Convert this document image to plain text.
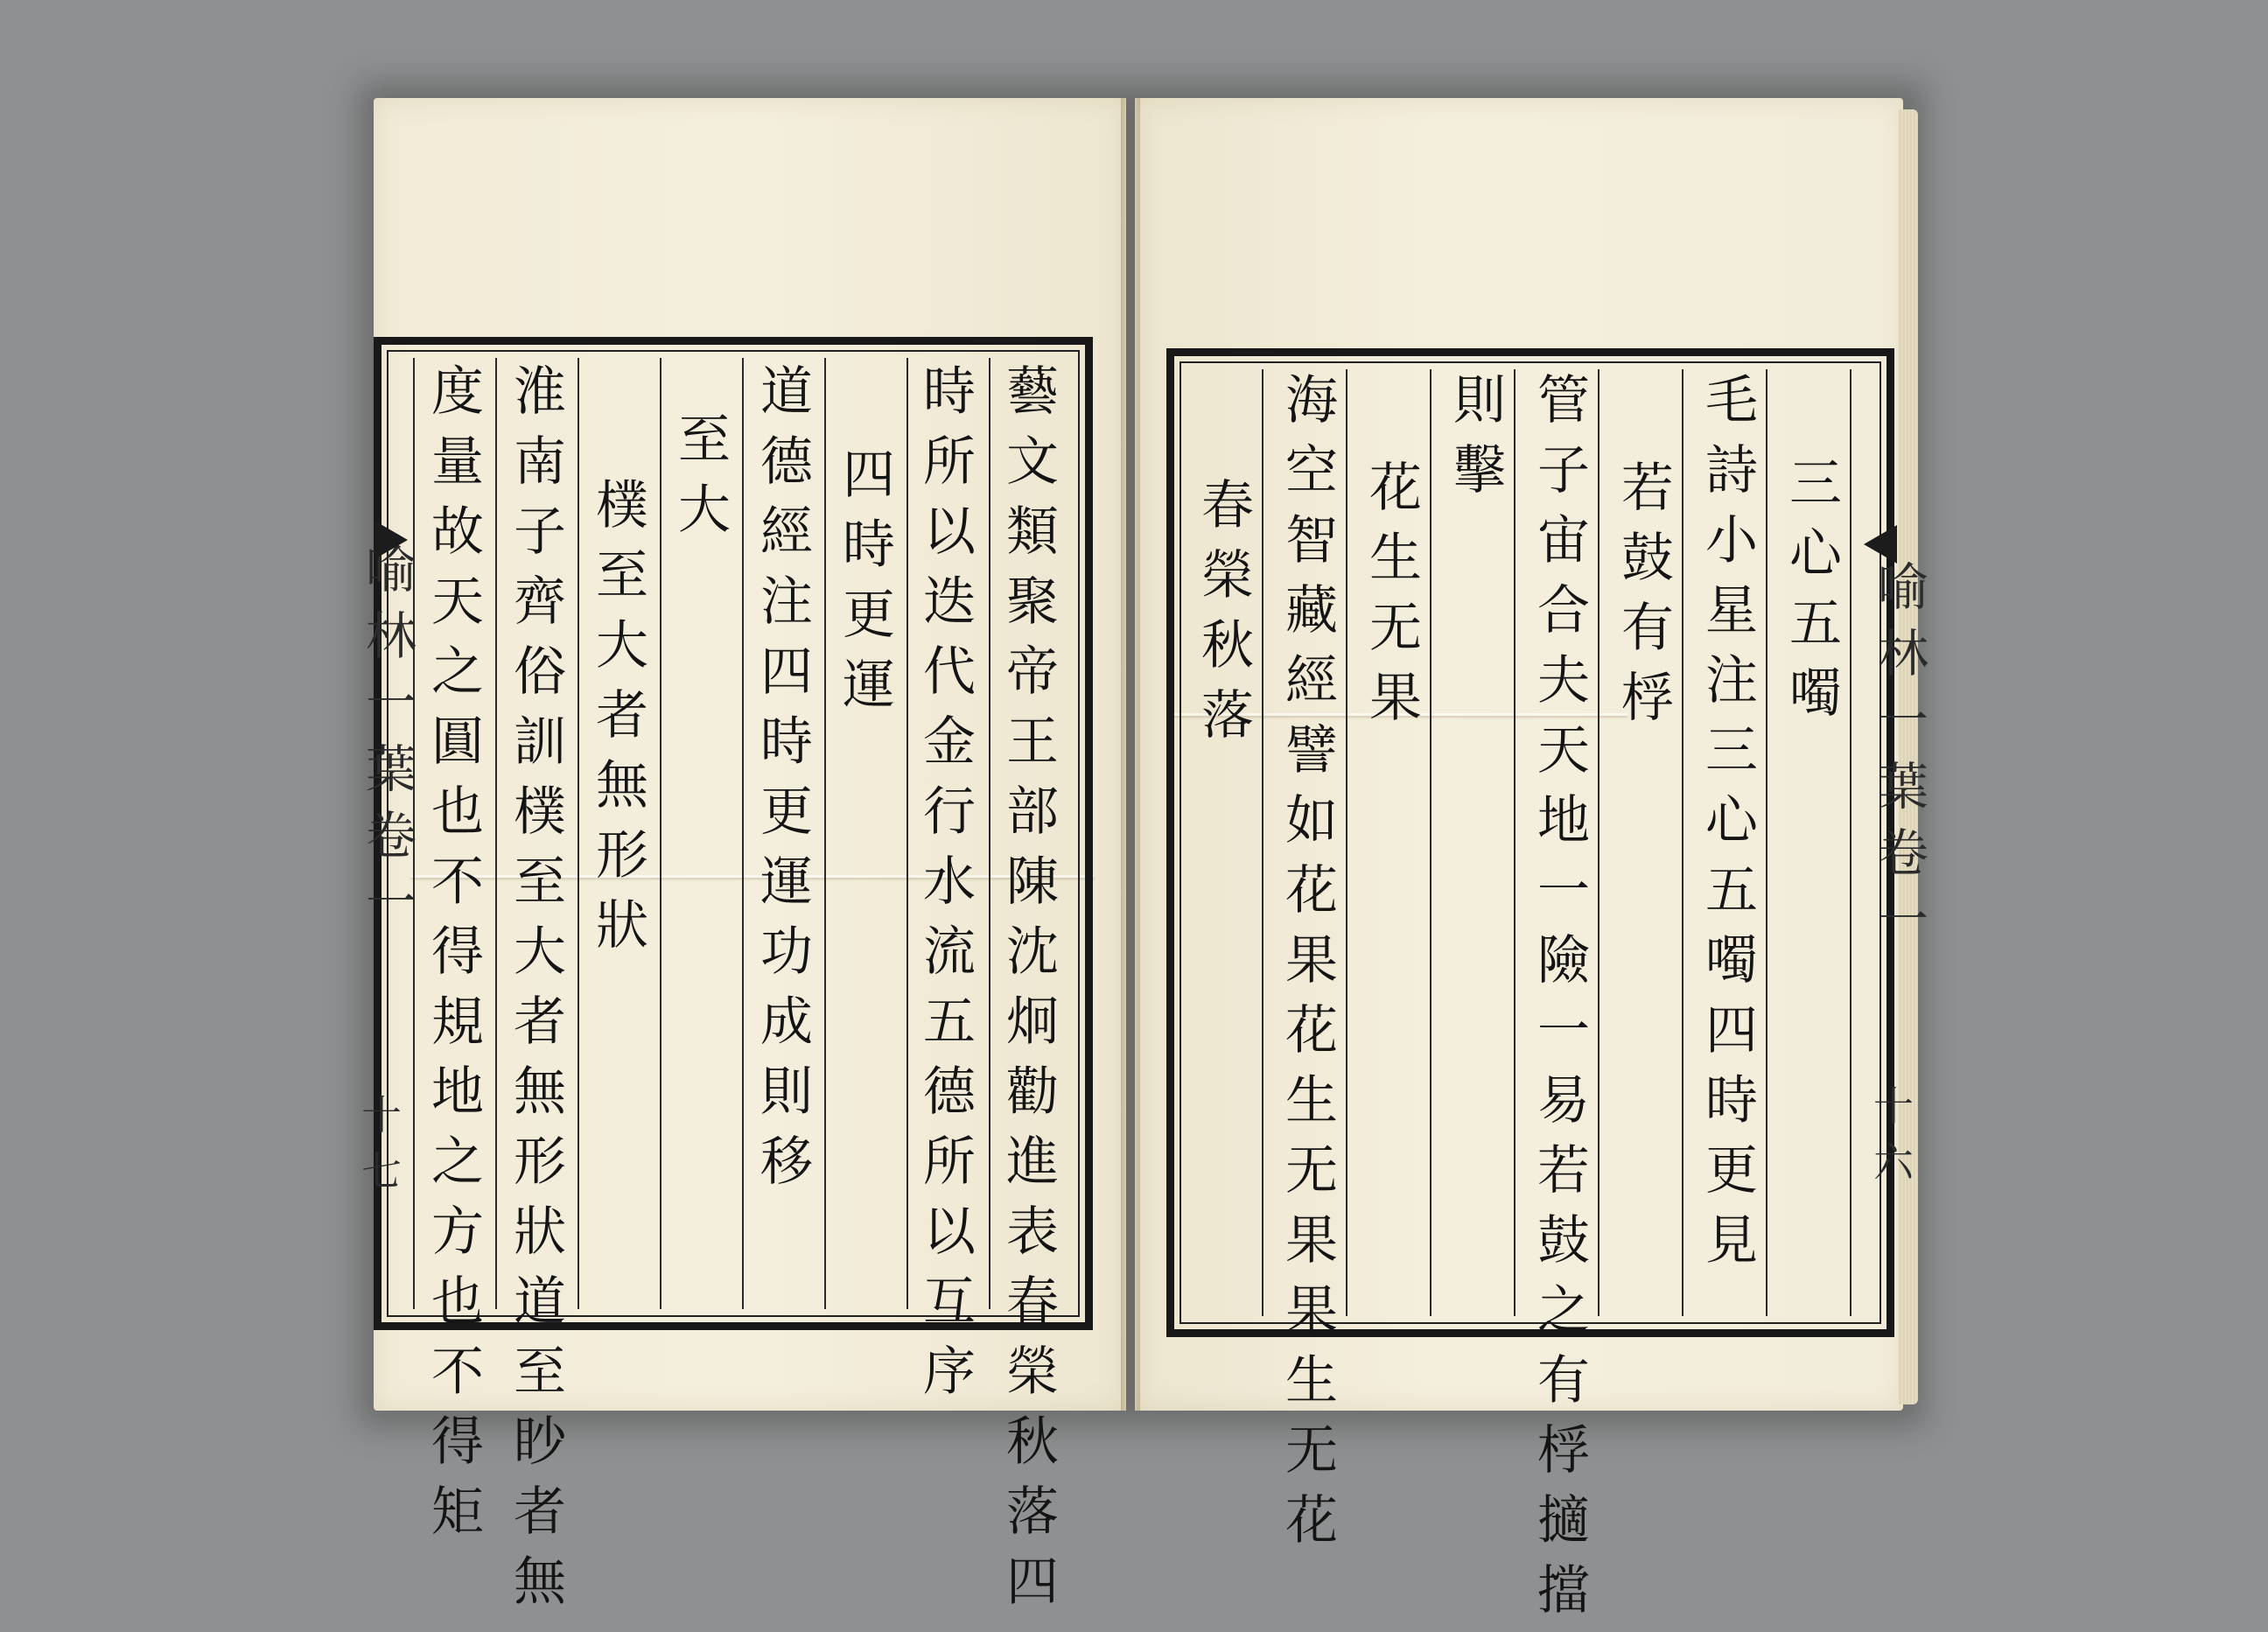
喻林一葉卷一
十七	藝文類聚帝王部陳沈炯勸進表春榮秋落四
時所以迭代金行水流五德所以互序
四時更運
道德經注四時更運功成則移
至大
樸至大者無形狀
淮南子齊俗訓樸至大者無形狀道至眇者無
度量故天之圓也不得規地之方也不得矩	喻林一葉卷一
十六
三心五噣
毛詩小星注三心五噣四時更見
若鼓有桴
管子宙合夫天地一險一易若鼓之有桴擿擋
則擊
花生无果
海空智藏經譬如花果花生无果果生无花
春榮秋落
